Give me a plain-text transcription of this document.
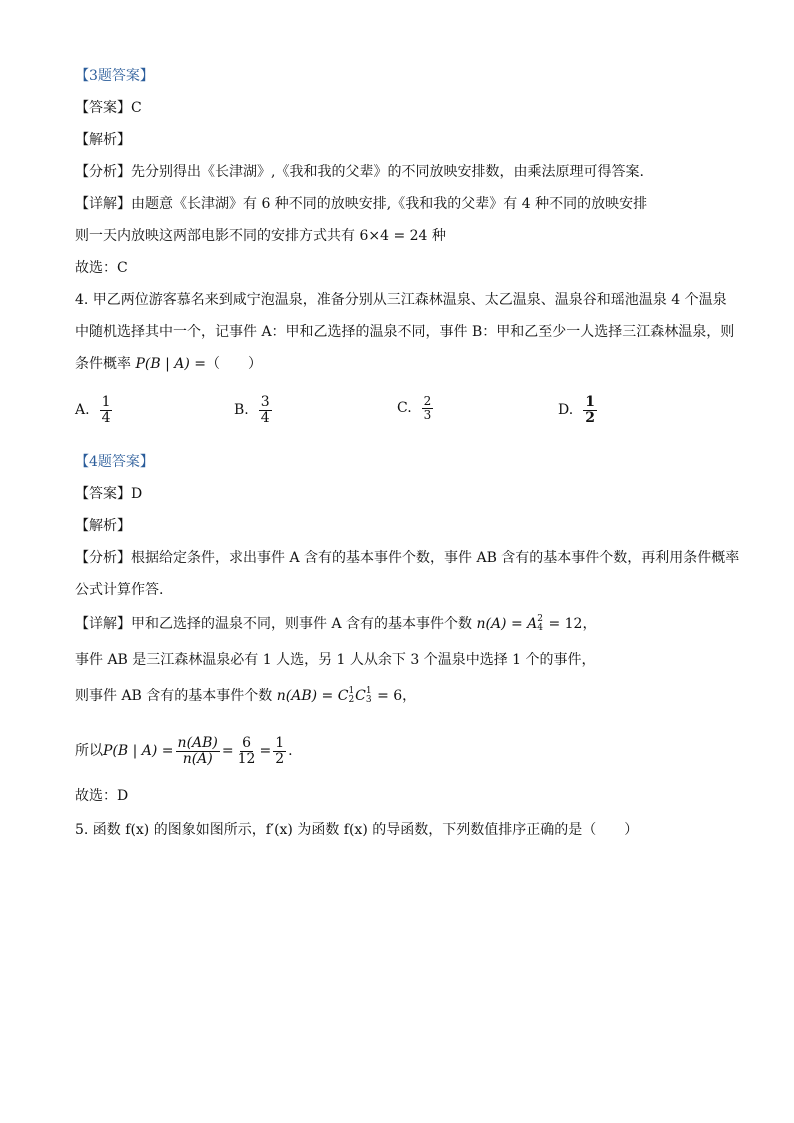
【3题答案】
【答案】C
【解析】
【分析】先分别得出《长津湖》,《我和我的父辈》的不同放映安排数，由乘法原理可得答案.
【详解】由题意《长津湖》有 6 种不同的放映安排,《我和我的父辈》有 4 种不同的放映安排
则一天内放映这两部电影不同的安排方式共有 6×4 = 24 种
故选：C
4. 甲乙两位游客慕名来到咸宁泡温泉，准备分别从三江森林温泉、太乙温泉、温泉谷和瑶池温泉 4 个温泉
中随机选择其中一个，记事件 A：甲和乙选择的温泉不同，事件 B：甲和乙至少一人选择三江森林温泉，则
条件概率 P(B | A) =（　　）
A. $\frac{1}{4}$	B. $\frac{3}{4}$	C. $\frac{2}{3}$	D. $\frac{1}{2}$
【4题答案】
【答案】D
【解析】
【分析】根据给定条件，求出事件 A 含有的基本事件个数，事件 AB 含有的基本事件个数，再利用条件概率
公式计算作答.
【详解】甲和乙选择的温泉不同，则事件 A 含有的基本事件个数 n(A) = A 2
4 = 12，
事件 AB 是三江森林温泉必有 1 人选，另 1 人从余下 3 个温泉中选择 1 个的事件，
则事件 AB 含有的基本事件个数 n(AB) = C 1
2 C 1
3 = 6，
所以 P(B | $A) = \frac{n(AB)}{n(A)} = \frac{6}{12} = \frac{1}{2}$ .
故选：D
5. 函数 f(x) 的图象如图所示，f′(x) 为函数 f(x) 的导函数，下列数值排序正确的是（　　）
